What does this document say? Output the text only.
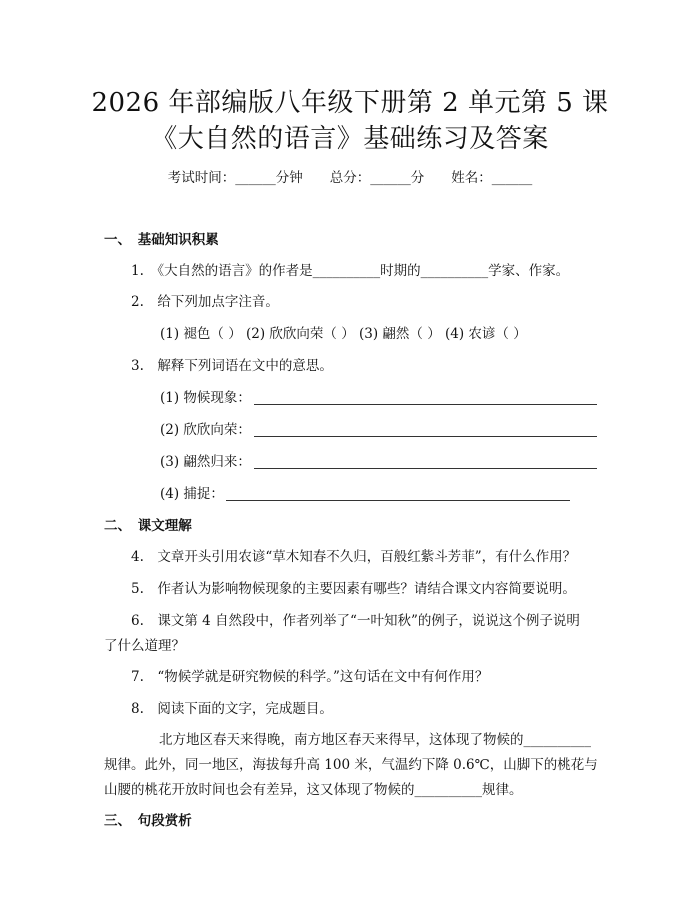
2026 年部编版八年级下册第 2 单元第 5 课
《大自然的语言》基础练习及答案
考试时间：______分钟　　总分：______分　　姓名：______
一、　基础知识积累
1.　《大自然的语言》的作者是__________时期的__________学家、作家。
2.　给下列加点字注音。
(1) 褪色（ ） (2) 欣欣向荣（ ） (3) 翩然（ ） (4) 农谚（ ）
3.　解释下列词语在文中的意思。
(1) 物候现象：
(2) 欣欣向荣：
(3) 翩然归来：
(4) 捕捉：
二、　课文理解
4.　文章开头引用农谚“草木知春不久归，百般红紫斗芳菲”，有什么作用？
5.　作者认为影响物候现象的主要因素有哪些？请结合课文内容简要说明。
6.　课文第 4 自然段中，作者列举了“一叶知秋”的例子，说说这个例子说明
了什么道理？
7.　“物候学就是研究物候的科学。”这句话在文中有何作用？
8.　阅读下面的文字，完成题目。
北方地区春天来得晚，南方地区春天来得早，这体现了物候的__________
规律。此外，同一地区，海拔每升高 100 米，气温约下降 0.6℃，山脚下的桃花与
山腰的桃花开放时间也会有差异，这又体现了物候的__________规律。
三、　句段赏析
